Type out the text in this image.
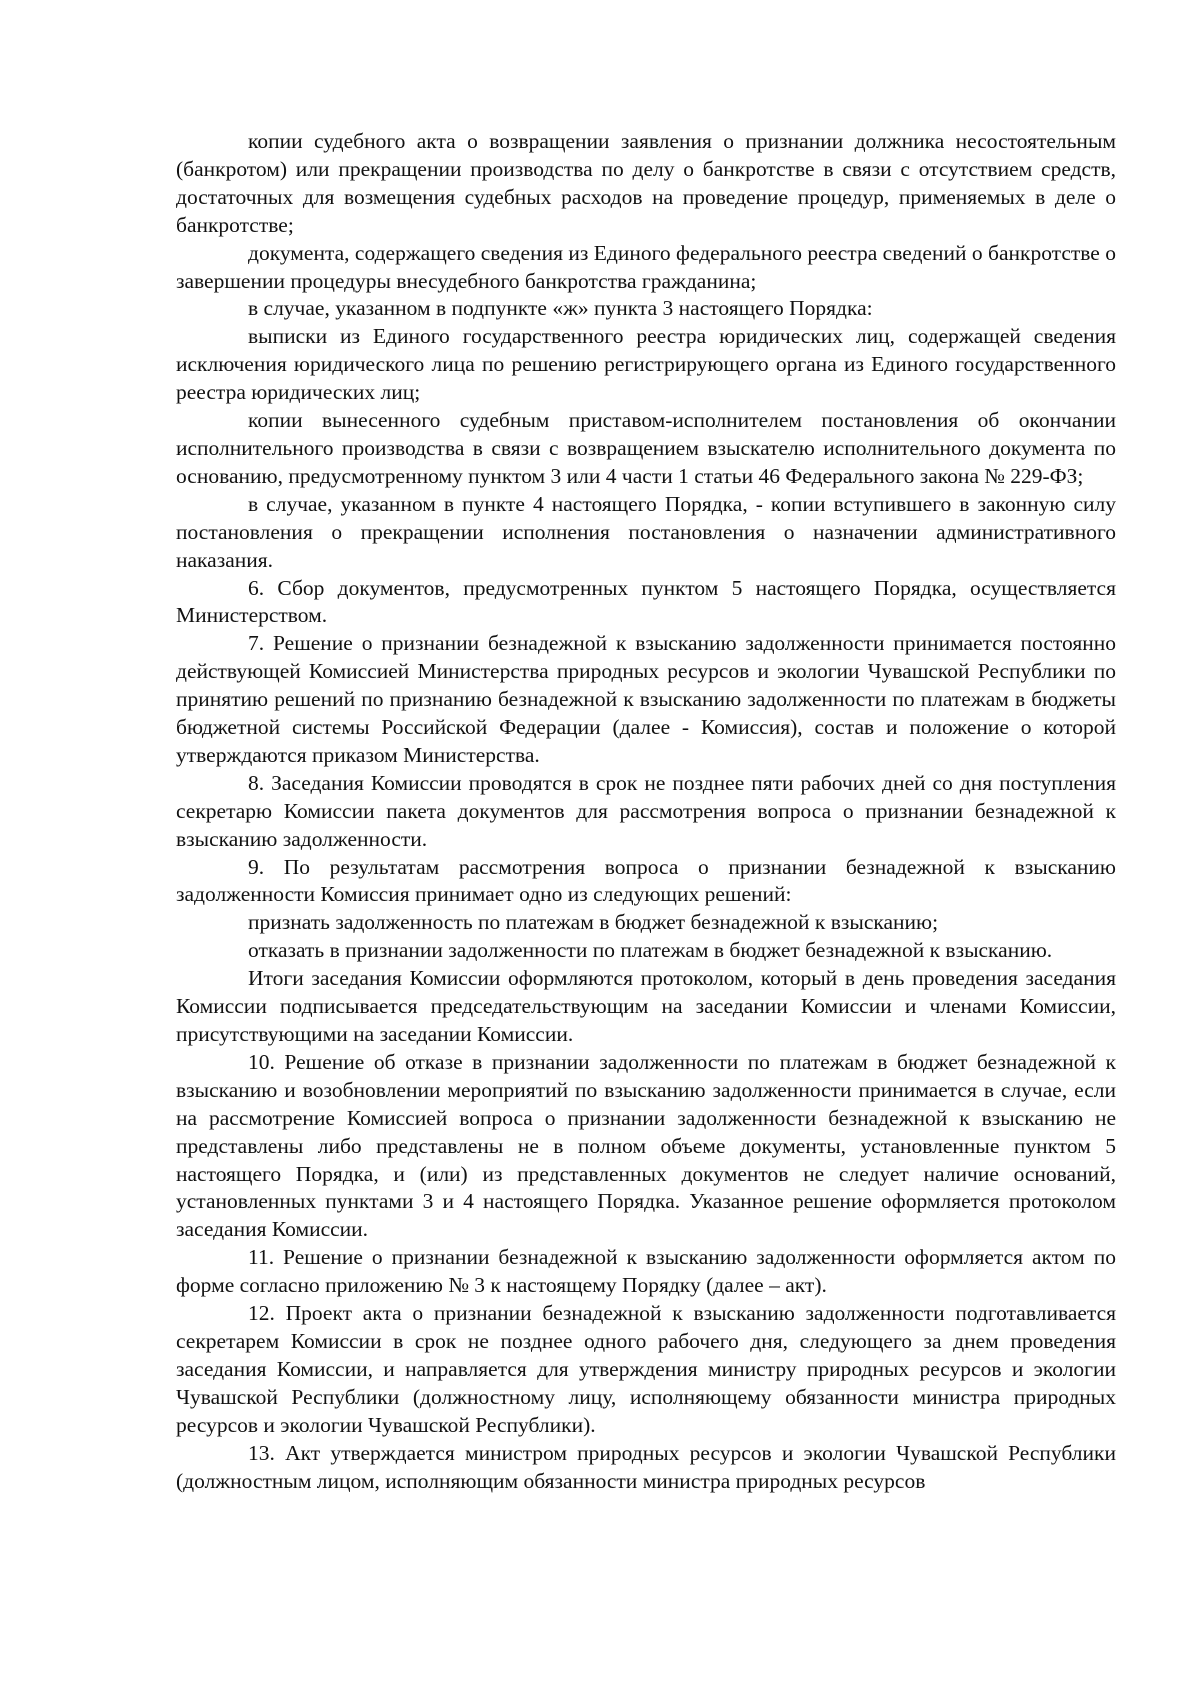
копии судебного акта о возвращении заявления о признании должника несостоятельным (банкротом) или прекращении производства по делу о банкротстве в связи с отсутствием средств, достаточных для возмещения судебных расходов на проведение процедур, применяемых в деле о банкротстве;

документа, содержащего сведения из Единого федерального реестра сведений о банкротстве о завершении процедуры внесудебного банкротства гражданина;

в случае, указанном в подпункте «ж» пункта 3 настоящего Порядка:

выписки из Единого государственного реестра юридических лиц, содержащей сведения исключения юридического лица по решению регистрирующего органа из Единого государственного реестра юридических лиц;

копии вынесенного судебным приставом-исполнителем постановления об окончании исполнительного производства в связи с возвращением взыскателю исполнительного документа по основанию, предусмотренному пунктом 3 или 4 части 1 статьи 46 Федерального закона № 229-ФЗ;

в случае, указанном в пункте 4 настоящего Порядка, - копии вступившего в законную силу постановления о прекращении исполнения постановления о назначении административного наказания.

6. Сбор документов, предусмотренных пунктом 5 настоящего Порядка, осуществляется Министерством.

7. Решение о признании безнадежной к взысканию задолженности принимается постоянно действующей Комиссией Министерства природных ресурсов и экологии Чувашской Республики по принятию решений по признанию безнадежной к взысканию задолженности по платежам в бюджеты бюджетной системы Российской Федерации (далее - Комиссия), состав и положение о которой утверждаются приказом Министерства.

8. Заседания Комиссии проводятся в срок не позднее пяти рабочих дней со дня поступления секретарю Комиссии пакета документов для рассмотрения вопроса о признании безнадежной к взысканию задолженности.

9. По результатам рассмотрения вопроса о признании безнадежной к взысканию задолженности Комиссия принимает одно из следующих решений:

признать задолженность по платежам в бюджет безнадежной к взысканию;

отказать в признании задолженности по платежам в бюджет безнадежной к взысканию.

Итоги заседания Комиссии оформляются протоколом, который в день проведения заседания Комиссии подписывается председательствующим на заседании Комиссии и членами Комиссии, присутствующими на заседании Комиссии.

10. Решение об отказе в признании задолженности по платежам в бюджет безнадежной к взысканию и возобновлении мероприятий по взысканию задолженности принимается в случае, если на рассмотрение Комиссией вопроса о признании задолженности безнадежной к взысканию не представлены либо представлены не в полном объеме документы, установленные пунктом 5 настоящего Порядка, и (или) из представленных документов не следует наличие оснований, установленных пунктами 3 и 4 настоящего Порядка. Указанное решение оформляется протоколом заседания Комиссии.

11. Решение о признании безнадежной к взысканию задолженности оформляется актом по форме согласно приложению № 3 к настоящему Порядку (далее – акт).

12. Проект акта о признании безнадежной к взысканию задолженности подготавливается секретарем Комиссии в срок не позднее одного рабочего дня, следующего за днем проведения заседания Комиссии, и направляется для утверждения министру природных ресурсов и экологии Чувашской Республики (должностному лицу, исполняющему обязанности министра природных ресурсов и экологии Чувашской Республики).

13. Акт утверждается министром природных ресурсов и экологии Чувашской Республики (должностным лицом, исполняющим обязанности министра природных ресурсов
